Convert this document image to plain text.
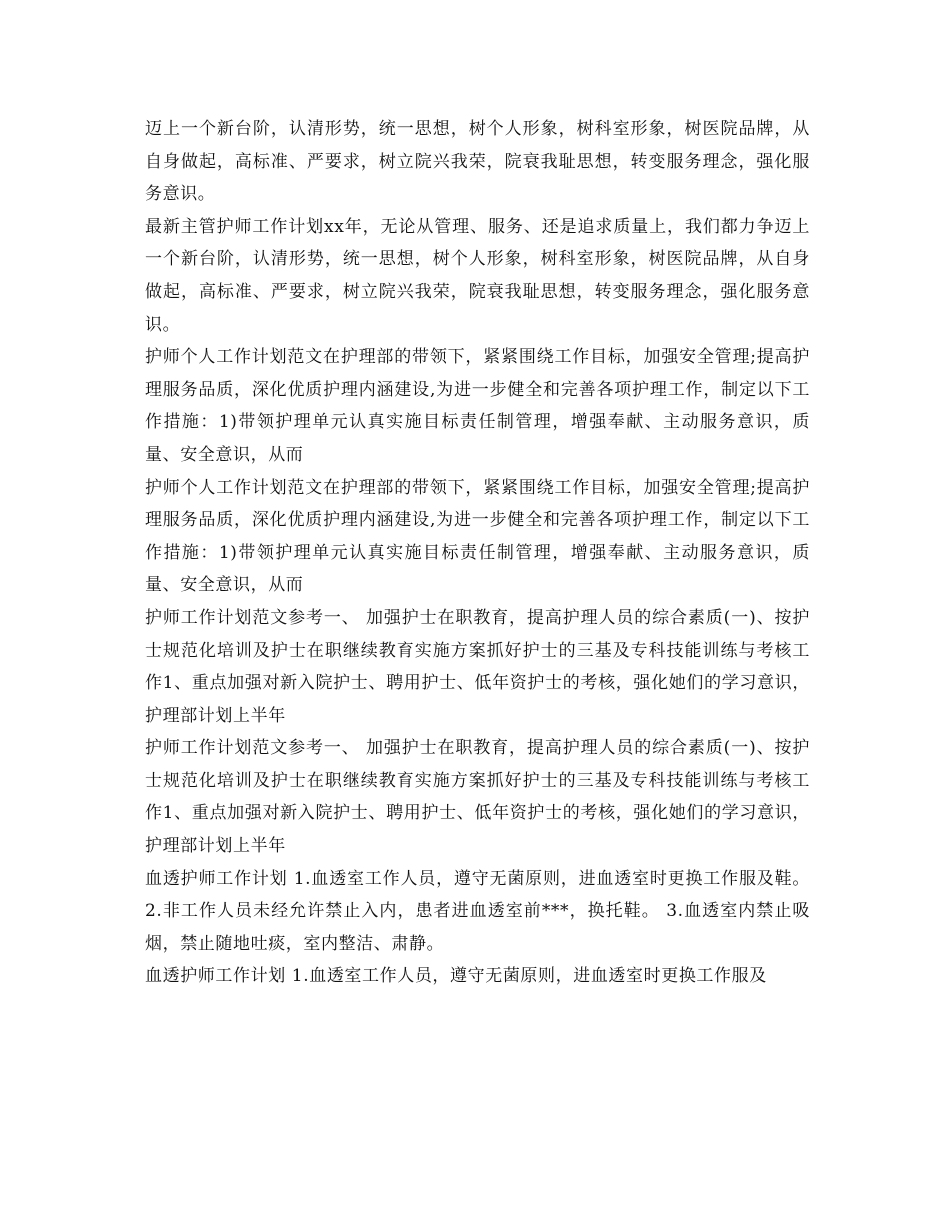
迈上一个新台阶，认清形势，统一思想，树个人形象，树科室形象，树医院品牌，从自身做起，高标准、严要求，树立院兴我荣，院衰我耻思想，转变服务理念，强化服务意识。

最新主管护师工作计划xx年，无论从管理、服务、还是追求质量上，我们都力争迈上一个新台阶，认清形势，统一思想，树个人形象，树科室形象，树医院品牌，从自身做起，高标准、严要求，树立院兴我荣，院衰我耻思想，转变服务理念，强化服务意识。

护师个人工作计划范文在护理部的带领下，紧紧围绕工作目标，加强安全管理;提高护理服务品质，深化优质护理内涵建设,为进一步健全和完善各项护理工作，制定以下工作措施：1)带领护理单元认真实施目标责任制管理，增强奉献、主动服务意识，质量、安全意识，从而

护师个人工作计划范文在护理部的带领下，紧紧围绕工作目标，加强安全管理;提高护理服务品质，深化优质护理内涵建设,为进一步健全和完善各项护理工作，制定以下工作措施：1)带领护理单元认真实施目标责任制管理，增强奉献、主动服务意识，质量、安全意识，从而

护师工作计划范文参考一、 加强护士在职教育，提高护理人员的综合素质(一)、按护士规范化培训及护士在职继续教育实施方案抓好护士的三基及专科技能训练与考核工作1、重点加强对新入院护士、聘用护士、低年资护士的考核，强化她们的学习意识，护理部计划上半年

护师工作计划范文参考一、 加强护士在职教育，提高护理人员的综合素质(一)、按护士规范化培训及护士在职继续教育实施方案抓好护士的三基及专科技能训练与考核工作1、重点加强对新入院护士、聘用护士、低年资护士的考核，强化她们的学习意识，护理部计划上半年

血透护师工作计划 1.血透室工作人员，遵守无菌原则，进血透室时更换工作服及鞋。 2.非工作人员未经允许禁止入内，患者进血透室前***，换托鞋。 3.血透室内禁止吸烟，禁止随地吐痰，室内整洁、肃静。

血透护师工作计划 1.血透室工作人员，遵守无菌原则，进血透室时更换工作服及
